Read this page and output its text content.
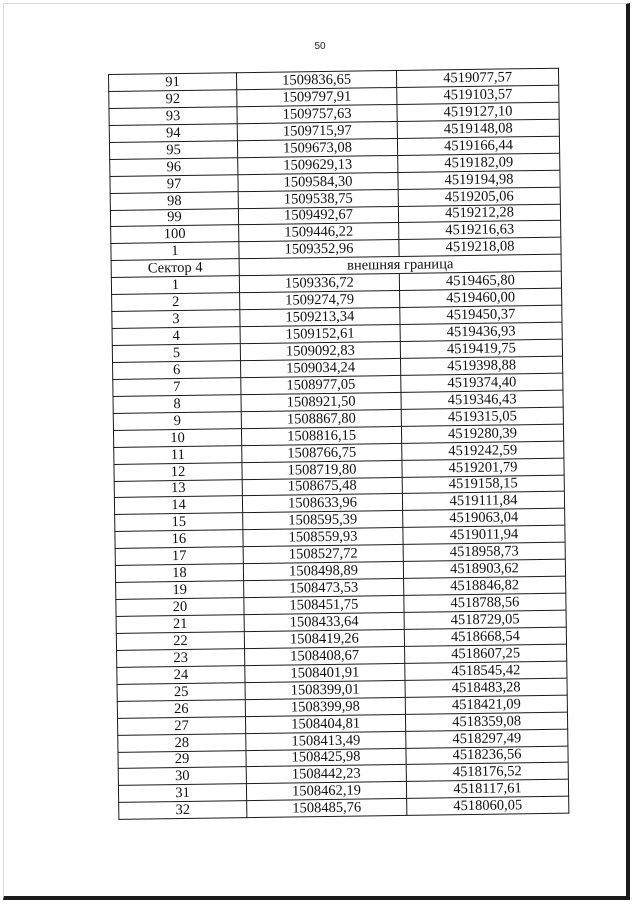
50
91	1509836,65	4519077,57
92	1509797,91	4519103,57
93	1509757,63	4519127,10
94	1509715,97	4519148,08
95	1509673,08	4519166,44
96	1509629,13	4519182,09
97	1509584,30	4519194,98
98	1509538,75	4519205,06
99	1509492,67	4519212,28
100	1509446,22	4519216,63
1	1509352,96	4519218,08
Сектор 4	внешняя граница	
1	1509336,72	4519465,80
2	1509274,79	4519460,00
3	1509213,34	4519450,37
4	1509152,61	4519436,93
5	1509092,83	4519419,75
6	1509034,24	4519398,88
7	1508977,05	4519374,40
8	1508921,50	4519346,43
9	1508867,80	4519315,05
10	1508816,15	4519280,39
11	1508766,75	4519242,59
12	1508719,80	4519201,79
13	1508675,48	4519158,15
14	1508633,96	4519111,84
15	1508595,39	4519063,04
16	1508559,93	4519011,94
17	1508527,72	4518958,73
18	1508498,89	4518903,62
19	1508473,53	4518846,82
20	1508451,75	4518788,56
21	1508433,64	4518729,05
22	1508419,26	4518668,54
23	1508408,67	4518607,25
24	1508401,91	4518545,42
25	1508399,01	4518483,28
26	1508399,98	4518421,09
27	1508404,81	4518359,08
28	1508413,49	4518297,49
29	1508425,98	4518236,56
30	1508442,23	4518176,52
31	1508462,19	4518117,61
32	1508485,76	4518060,05
